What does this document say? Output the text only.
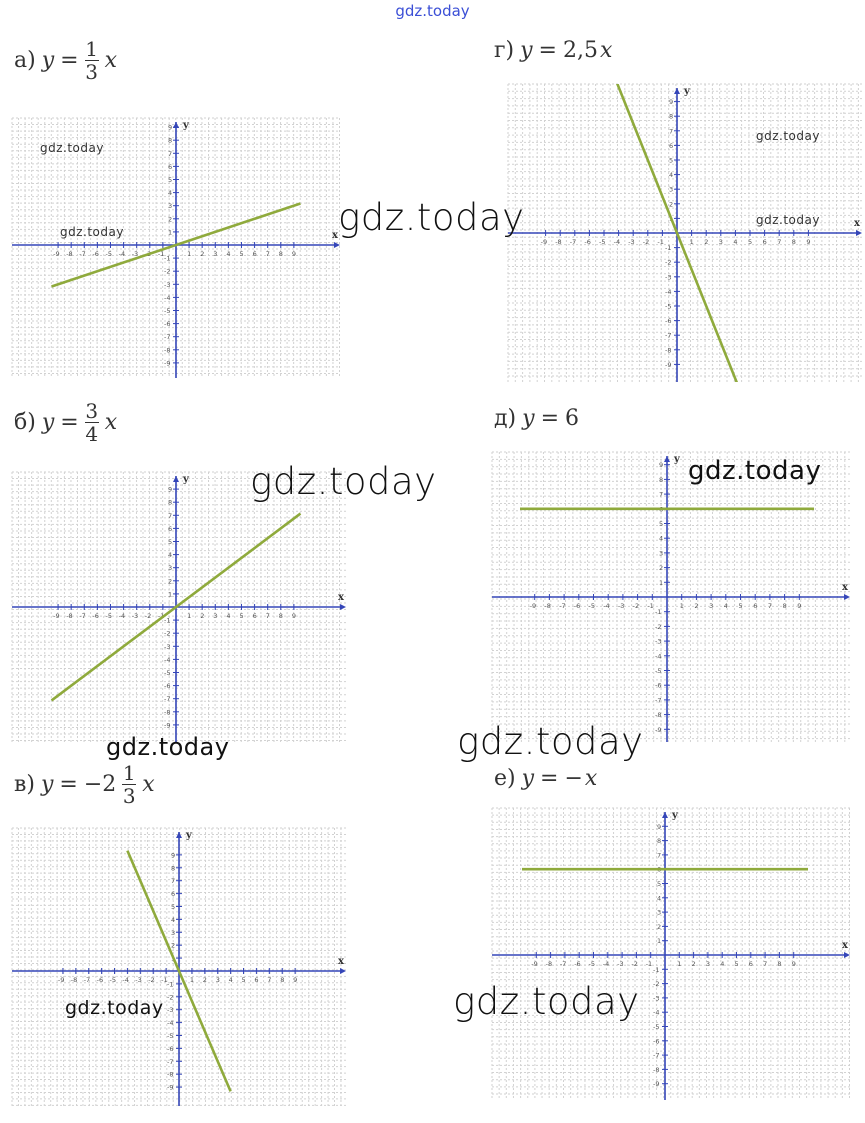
gdz.today
а) $y = \frac{1}{3}$ x
б) $y = \frac{3}{4}$ x
в) $y = -2 \frac{1}{3}$ x
г) y = 2,5 x
д) y = 6
е) y = − x
x
y
-9
-9
-8
-8
-7
-7
-6
-6
-5
-5
-4
-4
-3
-3
-2
-2
-1
-1
1
1
2
2
3
3
4
4
5
5
6
6
7
7
8
8
9
9
x
y
-9
-9
-8
-8
-7
-7
-6
-6
-5
-5
-4
-4
-3
-3
-2
-2
-1
-1
1
1
2
2
3
3
4
4
5
5
6
6
7
7
8
8
9
9
x
y
-9
-9
-8
-8
-7
-7
-6
-6
-5
-5
-4
-4
-3
-3
-2
-2
-1
-1
1
1
2
2
3
3
4
4
5
5
6
6
7
7
8
8
9
9
x
y
-9
-9
-8
-8
-7
-7
-6
-6
-5
-5
-4
-4
-3
-3
-2
-2
-1
-1
1
1
2
2
3
3
4
4
5
5
6
6
7
7
8
8
9
9
x
y
-9
-9
-8
-8
-7
-7
-6
-6
-5
-5
-4
-4
-3
-3
-2
-2
-1
-1
1
1
2
2
3
3
4
4
5
5
6
6
7
7
8
8
9
9
x
y
-9
-9
-8
-8
-7
-7
-6
-6
-5
-5
-4
-4
-3
-3
-2
-2
-1
-1
1
1
2
2
3
3
4
4
5
5
6
6
7
7
8
8
9
9
gdz.today
gdz.today
gdz.today
gdz.today
gdz.today
gdz.today	gdz.today
gdz.today	gdz.today
gdz.today
gdz.today
